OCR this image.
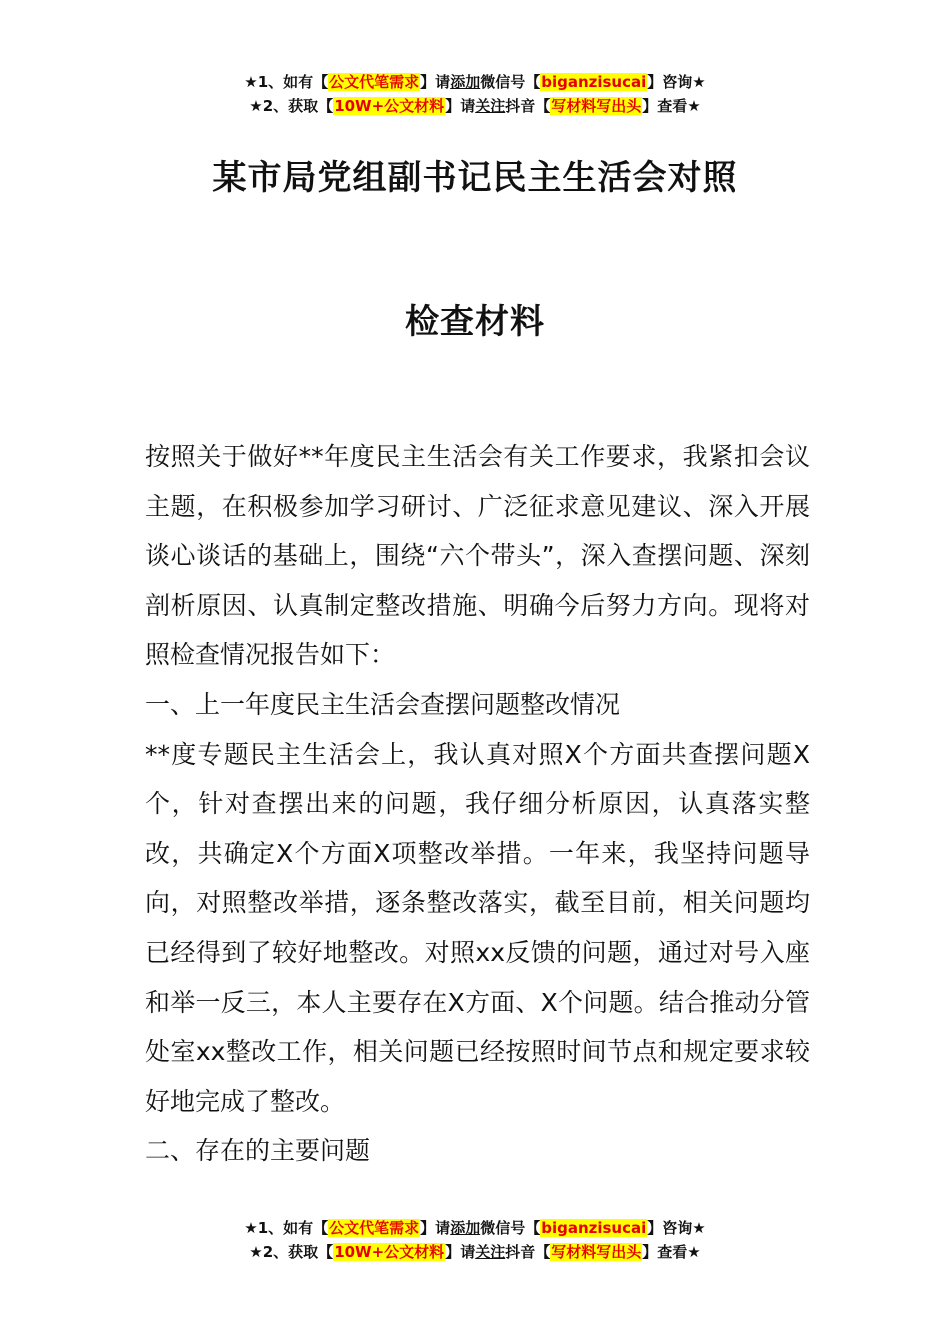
★1、如有【公文代笔需求】请添加微信号【biganzisucai】咨询★
★2、获取【10W+公文材料】请关注抖音【写材料写出头】查看★
某市局党组副书记民主生活会对照
检查材料

按照关于做好**年度民主生活会有关工作要求，我紧扣会议主题，在积极参加学习研讨、广泛征求意见建议、深入开展谈心谈话的基础上，围绕“六个带头”，深入查摆问题、深刻剖析原因、认真制定整改措施、明确今后努力方向。现将对照检查情况报告如下：

一、上一年度民主生活会查摆问题整改情况

**度专题民主生活会上，我认真对照X个方面共查摆问题X个，针对查摆出来的问题，我仔细分析原因，认真落实整改，共确定X个方面X项整改举措。一年来，我坚持问题导向，对照整改举措，逐条整改落实，截至目前，相关问题均已经得到了较好地整改。对照xx反馈的问题，通过对号入座和举一反三，本人主要存在X方面、X个问题。结合推动分管处室xx整改工作，相关问题已经按照时间节点和规定要求较好地完成了整改。

二、存在的主要问题

★1、如有【公文代笔需求】请添加微信号【biganzisucai】咨询★
★2、获取【10W+公文材料】请关注抖音【写材料写出头】查看★
